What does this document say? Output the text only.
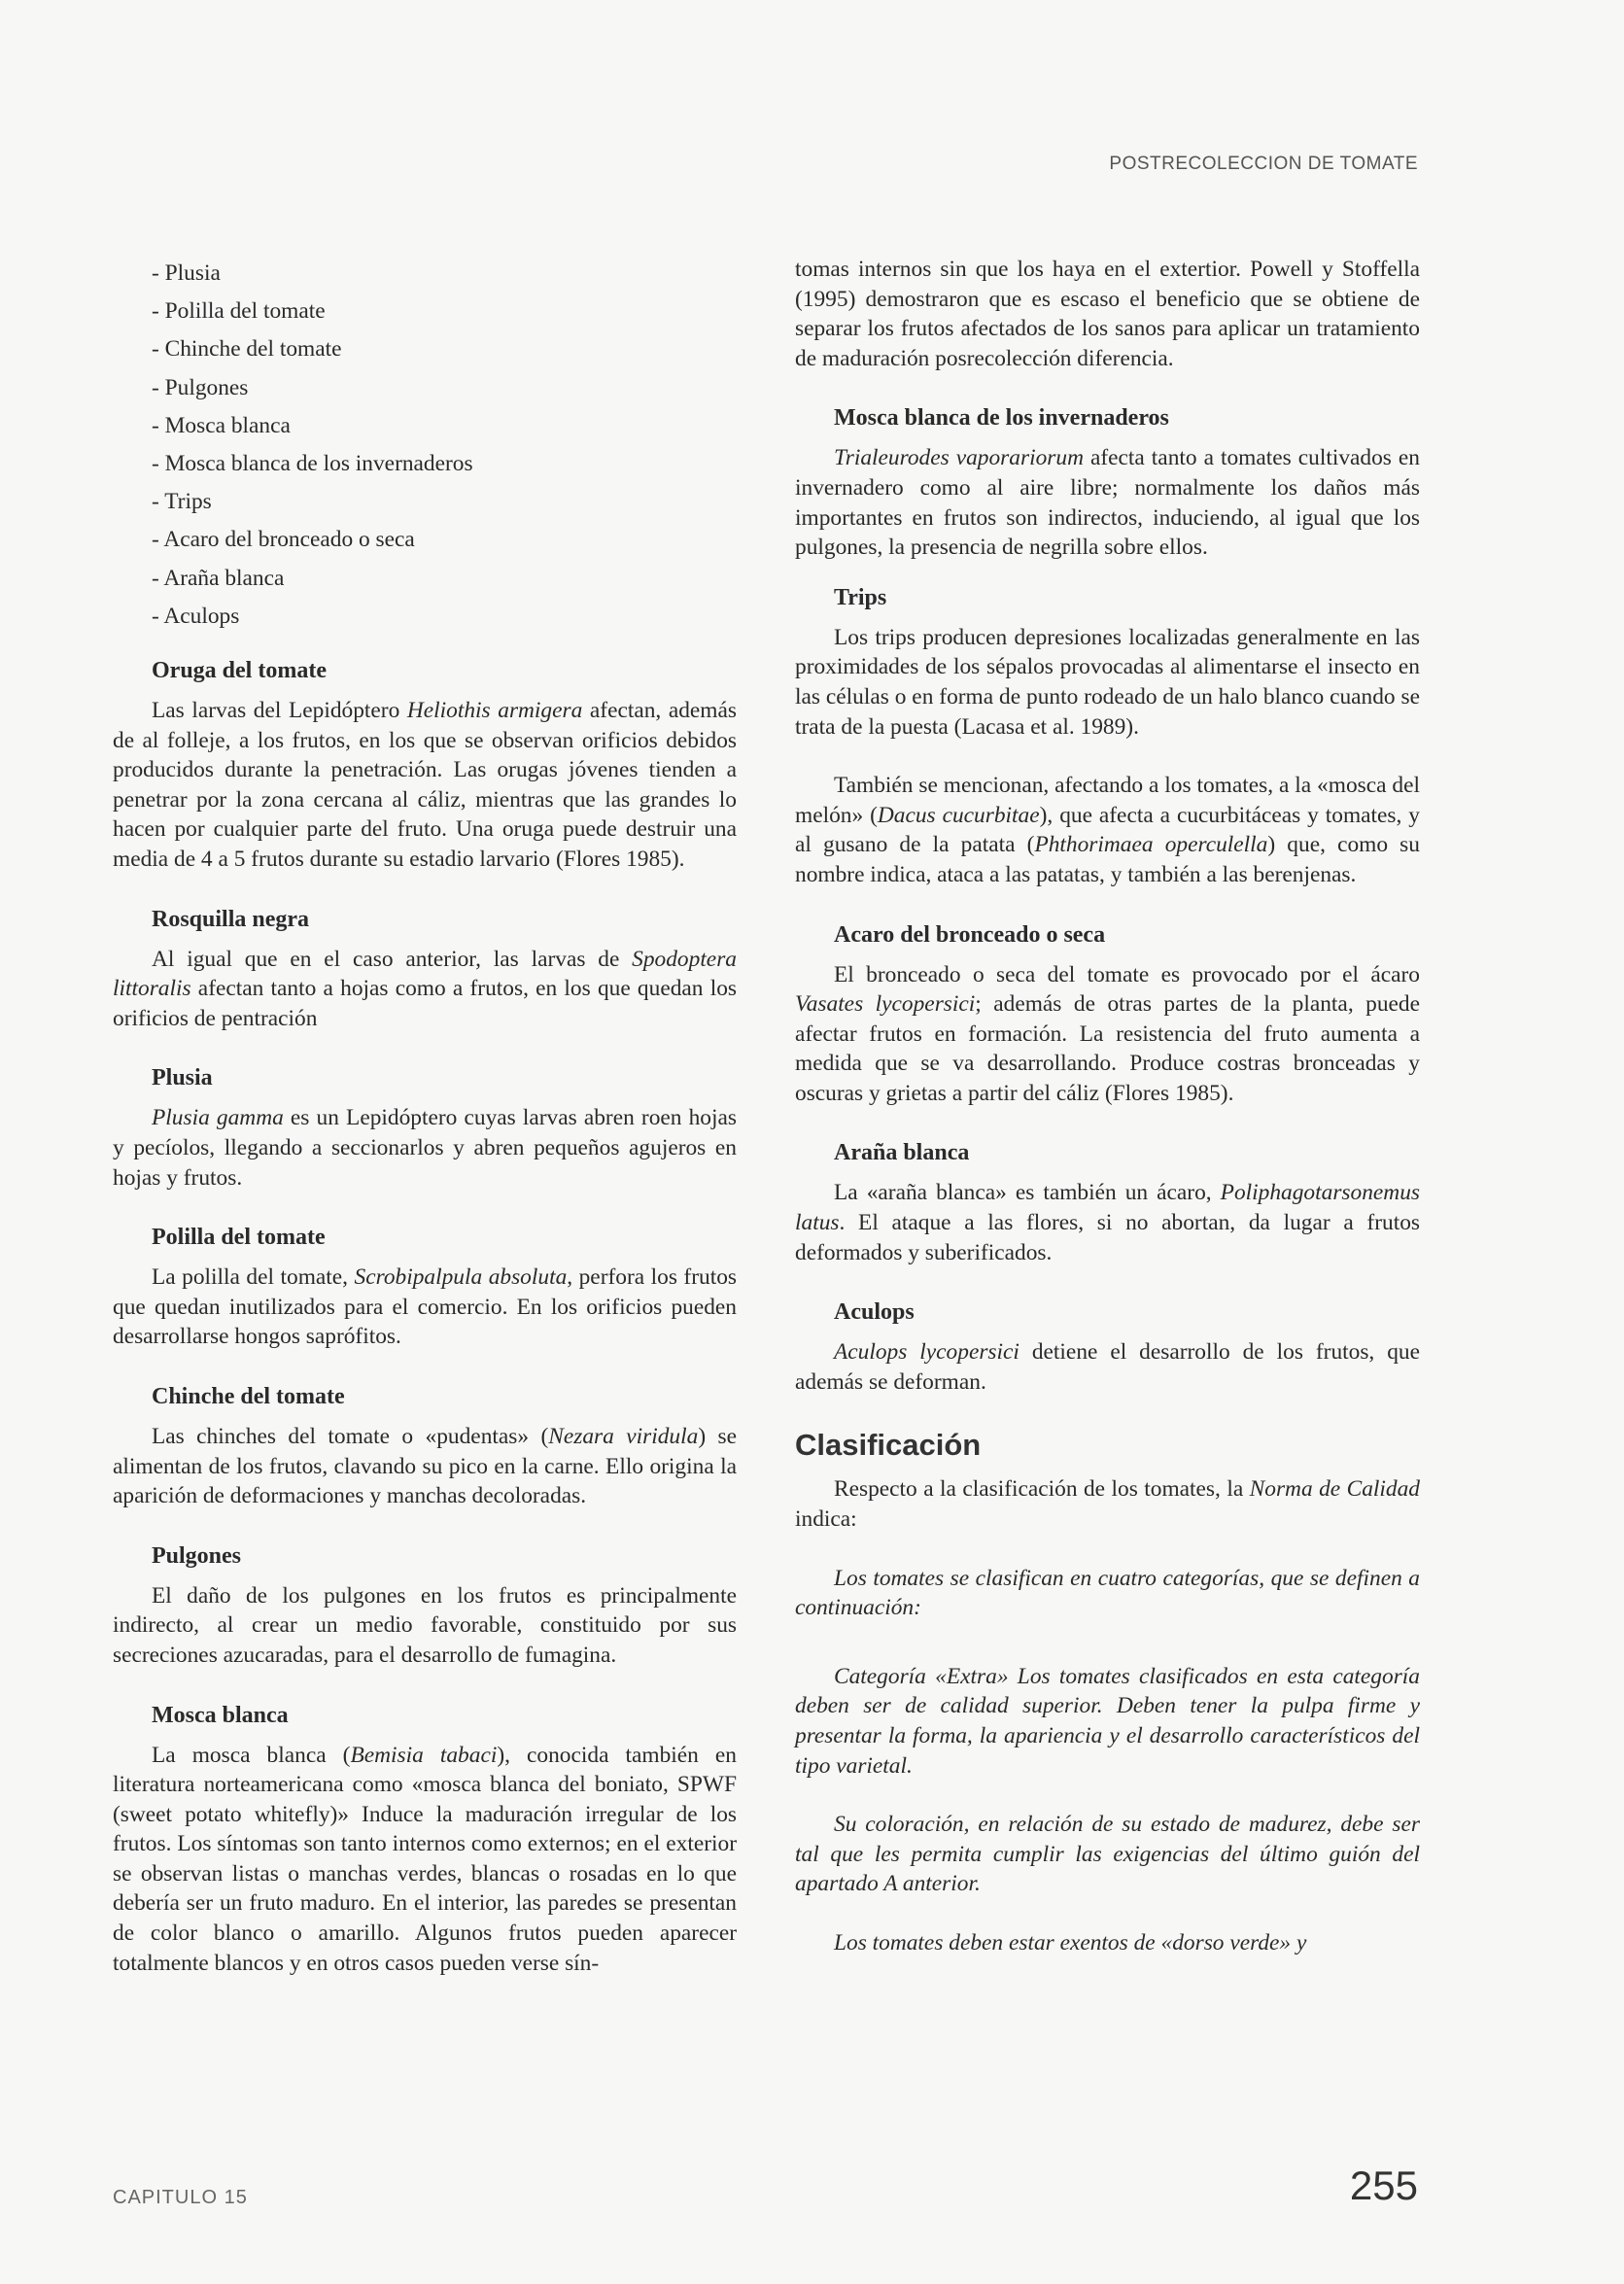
POSTRECOLECCION DE TOMATE
- Plusia
- Polilla del tomate
- Chinche del tomate
- Pulgones
- Mosca blanca
- Mosca blanca de los invernaderos
- Trips
- Acaro del bronceado o seca
- Araña blanca
- Aculops
Oruga del tomate

Las larvas del Lepidóptero Heliothis armigera afectan, además de al folleje, a los frutos, en los que se observan orificios debidos producidos durante la penetración. Las orugas jóvenes tienden a penetrar por la zona cercana al cáliz, mientras que las grandes lo hacen por cualquier parte del fruto. Una oruga puede destruir una media de 4 a 5 frutos durante su estadio larvario (Flores 1985).

Rosquilla negra

Al igual que en el caso anterior, las larvas de Spodoptera littoralis afectan tanto a hojas como a frutos, en los que quedan los orificios de pentración

Plusia

Plusia gamma es un Lepidóptero cuyas larvas abren roen hojas y pecíolos, llegando a seccionarlos y abren pequeños agujeros en hojas y frutos.

Polilla del tomate

La polilla del tomate, Scrobipalpula absoluta, perfora los frutos que quedan inutilizados para el comercio. En los orificios pueden desarrollarse hongos saprófitos.

Chinche del tomate

Las chinches del tomate o «pudentas» (Nezara viridula) se alimentan de los frutos, clavando su pico en la carne. Ello origina la aparición de deformaciones y manchas decoloradas.

Pulgones

El daño de los pulgones en los frutos es principalmente indirecto, al crear un medio favorable, constituido por sus secreciones azucaradas, para el desarrollo de fumagina.

Mosca blanca

La mosca blanca (Bemisia tabaci), conocida también en literatura norteamericana como «mosca blanca del boniato, SPWF (sweet potato whitefly)» Induce la maduración irregular de los frutos. Los síntomas son tanto internos como externos; en el exterior se observan listas o manchas verdes, blancas o rosadas en lo que debería ser un fruto maduro. En el interior, las paredes se presentan de color blanco o amarillo. Algunos frutos pueden aparecer totalmente blancos y en otros casos pueden verse sín-

tomas internos sin que los haya en el extertior. Powell y Stoffella (1995) demostraron que es escaso el beneficio que se obtiene de separar los frutos afectados de los sanos para aplicar un tratamiento de maduración posrecolección diferencia.

Mosca blanca de los invernaderos

Trialeurodes vaporariorum afecta tanto a tomates cultivados en invernadero como al aire libre; normalmente los daños más importantes en frutos son indirectos, induciendo, al igual que los pulgones, la presencia de negrilla sobre ellos.

Trips

Los trips producen depresiones localizadas generalmente en las proximidades de los sépalos provocadas al alimentarse el insecto en las células o en forma de punto rodeado de un halo blanco cuando se trata de la puesta (Lacasa et al. 1989).

También se mencionan, afectando a los tomates, a la «mosca del melón» (Dacus cucurbitae), que afecta a cucurbitáceas y tomates, y al gusano de la patata (Phthorimaea operculella) que, como su nombre indica, ataca a las patatas, y también a las berenjenas.

Acaro del bronceado o seca

El bronceado o seca del tomate es provocado por el ácaro Vasates lycopersici; además de otras partes de la planta, puede afectar frutos en formación. La resistencia del fruto aumenta a medida que se va desarrollando. Produce costras bronceadas y oscuras y grietas a partir del cáliz (Flores 1985).

Araña blanca

La «araña blanca» es también un ácaro, Poliphagotarsonemus latus. El ataque a las flores, si no abortan, da lugar a frutos deformados y suberificados.

Aculops

Aculops lycopersici detiene el desarrollo de los frutos, que además se deforman.

Clasificación

Respecto a la clasificación de los tomates, la Norma de Calidad indica:

Los tomates se clasifican en cuatro categorías, que se definen a continuación:

Categoría «Extra» Los tomates clasificados en esta categoría deben ser de calidad superior. Deben tener la pulpa firme y presentar la forma, la apariencia y el desarrollo característicos del tipo varietal.

Su coloración, en relación de su estado de madurez, debe ser tal que les permita cumplir las exigencias del último guión del apartado A anterior.

Los tomates deben estar exentos de «dorso verde» y

CAPITULO 15	255
